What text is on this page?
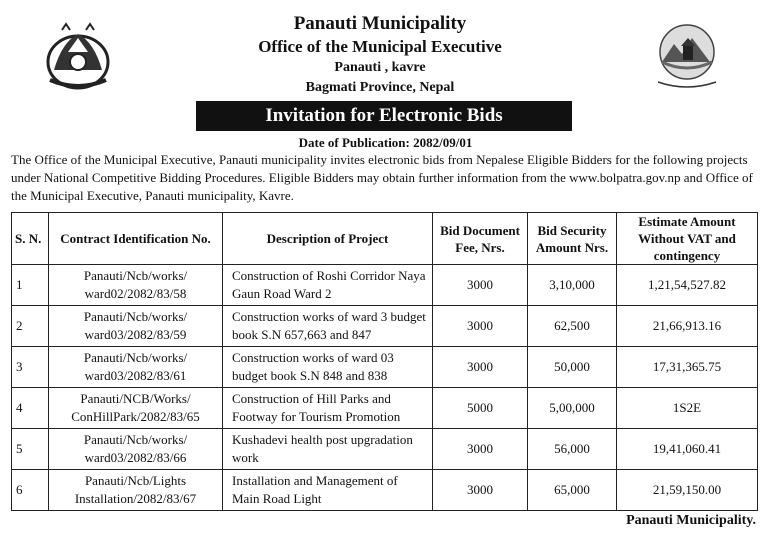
Panauti Municipality
Office of the Municipal Executive
Panauti , kavre
Bagmati Province, Nepal
Invitation for Electronic Bids
Date of Publication: 2082/09/01
The Office of the Municipal Executive, Panauti municipality invites electronic bids from Nepalese Eligible Bidders for the following projects under National Competitive Bidding Procedures. Eligible Bidders may obtain further information from the www.bolpatra.gov.np and Office of the Municipal Executive, Panauti municipality, Kavre.
S. N.	Contract Identification No.	Description of Project	Bid Document Fee, Nrs.	Bid Security Amount Nrs.	Estimate Amount Without VAT and contingency
1	Panauti/Ncb/works/ ward02/2082/83/58	Construction of Roshi Corridor Naya Gaun Road Ward 2	3000	3,10,000	1,21,54,527.82
2	Panauti/Ncb/works/ ward03/2082/83/59	Construction works of ward 3 budget book S.N 657,663 and 847	3000	62,500	21,66,913.16
3	Panauti/Ncb/works/ ward03/2082/83/61	Construction works of ward 03 budget book S.N 848 and 838	3000	50,000	17,31,365.75
4	Panauti/NCB/Works/ ConHillPark/2082/83/65	Construction of Hill Parks and Footway for Tourism Promotion	5000	5,00,000	1S2E
5	Panauti/Ncb/works/ ward03/2082/83/66	Kushadevi health post upgradation work	3000	56,000	19,41,060.41
6	Panauti/Ncb/Lights Installation/2082/83/67	Installation and Management of Main Road Light	3000	65,000	21,59,150.00
Panauti Municipality.
